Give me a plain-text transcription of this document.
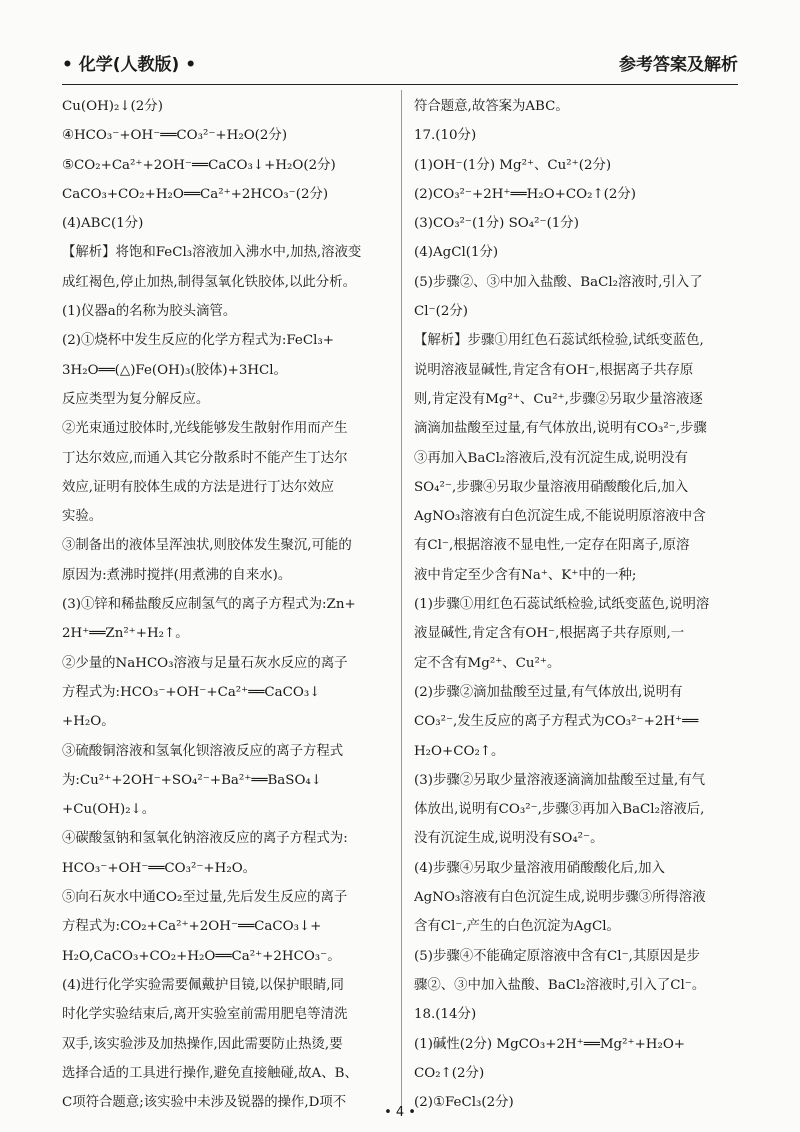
• 化学(人教版) •	参考答案及解析
Cu(OH)₂↓(2分)
④HCO₃⁻+OH⁻══CO₃²⁻+H₂O(2分)
⑤CO₂+Ca²⁺+2OH⁻══CaCO₃↓+H₂O(2分)
CaCO₃+CO₂+H₂O══Ca²⁺+2HCO₃⁻(2分)
(4)ABC(1分)
【解析】将饱和FeCl₃溶液加入沸水中,加热,溶液变
成红褐色,停止加热,制得氢氧化铁胶体,以此分析。
(1)仪器a的名称为胶头滴管。
(2)①烧杯中发生反应的化学方程式为:FeCl₃+
3H₂O══(△)Fe(OH)₃(胶体)+3HCl。
反应类型为复分解反应。
②光束通过胶体时,光线能够发生散射作用而产生
丁达尔效应,而通入其它分散系时不能产生丁达尔
效应,证明有胶体生成的方法是进行丁达尔效应
实验。
③制备出的液体呈浑浊状,则胶体发生聚沉,可能的
原因为:煮沸时搅拌(用煮沸的自来水)。
(3)①锌和稀盐酸反应制氢气的离子方程式为:Zn+
2H⁺══Zn²⁺+H₂↑。
②少量的NaHCO₃溶液与足量石灰水反应的离子
方程式为:HCO₃⁻+OH⁻+Ca²⁺══CaCO₃↓
+H₂O。
③硫酸铜溶液和氢氧化钡溶液反应的离子方程式
为:Cu²⁺+2OH⁻+SO₄²⁻+Ba²⁺══BaSO₄↓
+Cu(OH)₂↓。
④碳酸氢钠和氢氧化钠溶液反应的离子方程式为:
HCO₃⁻+OH⁻══CO₃²⁻+H₂O。
⑤向石灰水中通CO₂至过量,先后发生反应的离子
方程式为:CO₂+Ca²⁺+2OH⁻══CaCO₃↓+
H₂O,CaCO₃+CO₂+H₂O══Ca²⁺+2HCO₃⁻。
(4)进行化学实验需要佩戴护目镜,以保护眼睛,同
时化学实验结束后,离开实验室前需用肥皂等清洗
双手,该实验涉及加热操作,因此需要防止热烫,要
选择合适的工具进行操作,避免直接触碰,故A、B、
C项符合题意;该实验中未涉及锐器的操作,D项不
符合题意,故答案为ABC。
17.(10分)
(1)OH⁻(1分) Mg²⁺、Cu²⁺(2分)
(2)CO₃²⁻+2H⁺══H₂O+CO₂↑(2分)
(3)CO₃²⁻(1分) SO₄²⁻(1分)
(4)AgCl(1分)
(5)步骤②、③中加入盐酸、BaCl₂溶液时,引入了
Cl⁻(2分)
【解析】步骤①用红色石蕊试纸检验,试纸变蓝色,
说明溶液显碱性,肯定含有OH⁻,根据离子共存原
则,肯定没有Mg²⁺、Cu²⁺,步骤②另取少量溶液逐
滴滴加盐酸至过量,有气体放出,说明有CO₃²⁻,步骤
③再加入BaCl₂溶液后,没有沉淀生成,说明没有
SO₄²⁻,步骤④另取少量溶液用硝酸酸化后,加入
AgNO₃溶液有白色沉淀生成,不能说明原溶液中含
有Cl⁻,根据溶液不显电性,一定存在阳离子,原溶
液中肯定至少含有Na⁺、K⁺中的一种;
(1)步骤①用红色石蕊试纸检验,试纸变蓝色,说明溶
液显碱性,肯定含有OH⁻,根据离子共存原则,一
定不含有Mg²⁺、Cu²⁺。
(2)步骤②滴加盐酸至过量,有气体放出,说明有
CO₃²⁻,发生反应的离子方程式为CO₃²⁻+2H⁺══
H₂O+CO₂↑。
(3)步骤②另取少量溶液逐滴滴加盐酸至过量,有气
体放出,说明有CO₃²⁻,步骤③再加入BaCl₂溶液后,
没有沉淀生成,说明没有SO₄²⁻。
(4)步骤④另取少量溶液用硝酸酸化后,加入
AgNO₃溶液有白色沉淀生成,说明步骤③所得溶液
含有Cl⁻,产生的白色沉淀为AgCl。
(5)步骤④不能确定原溶液中含有Cl⁻,其原因是步
骤②、③中加入盐酸、BaCl₂溶液时,引入了Cl⁻。
18.(14分)
(1)碱性(2分) MgCO₃+2H⁺══Mg²⁺+H₂O+
CO₂↑(2分)
(2)①FeCl₃(2分)
• 4 •
